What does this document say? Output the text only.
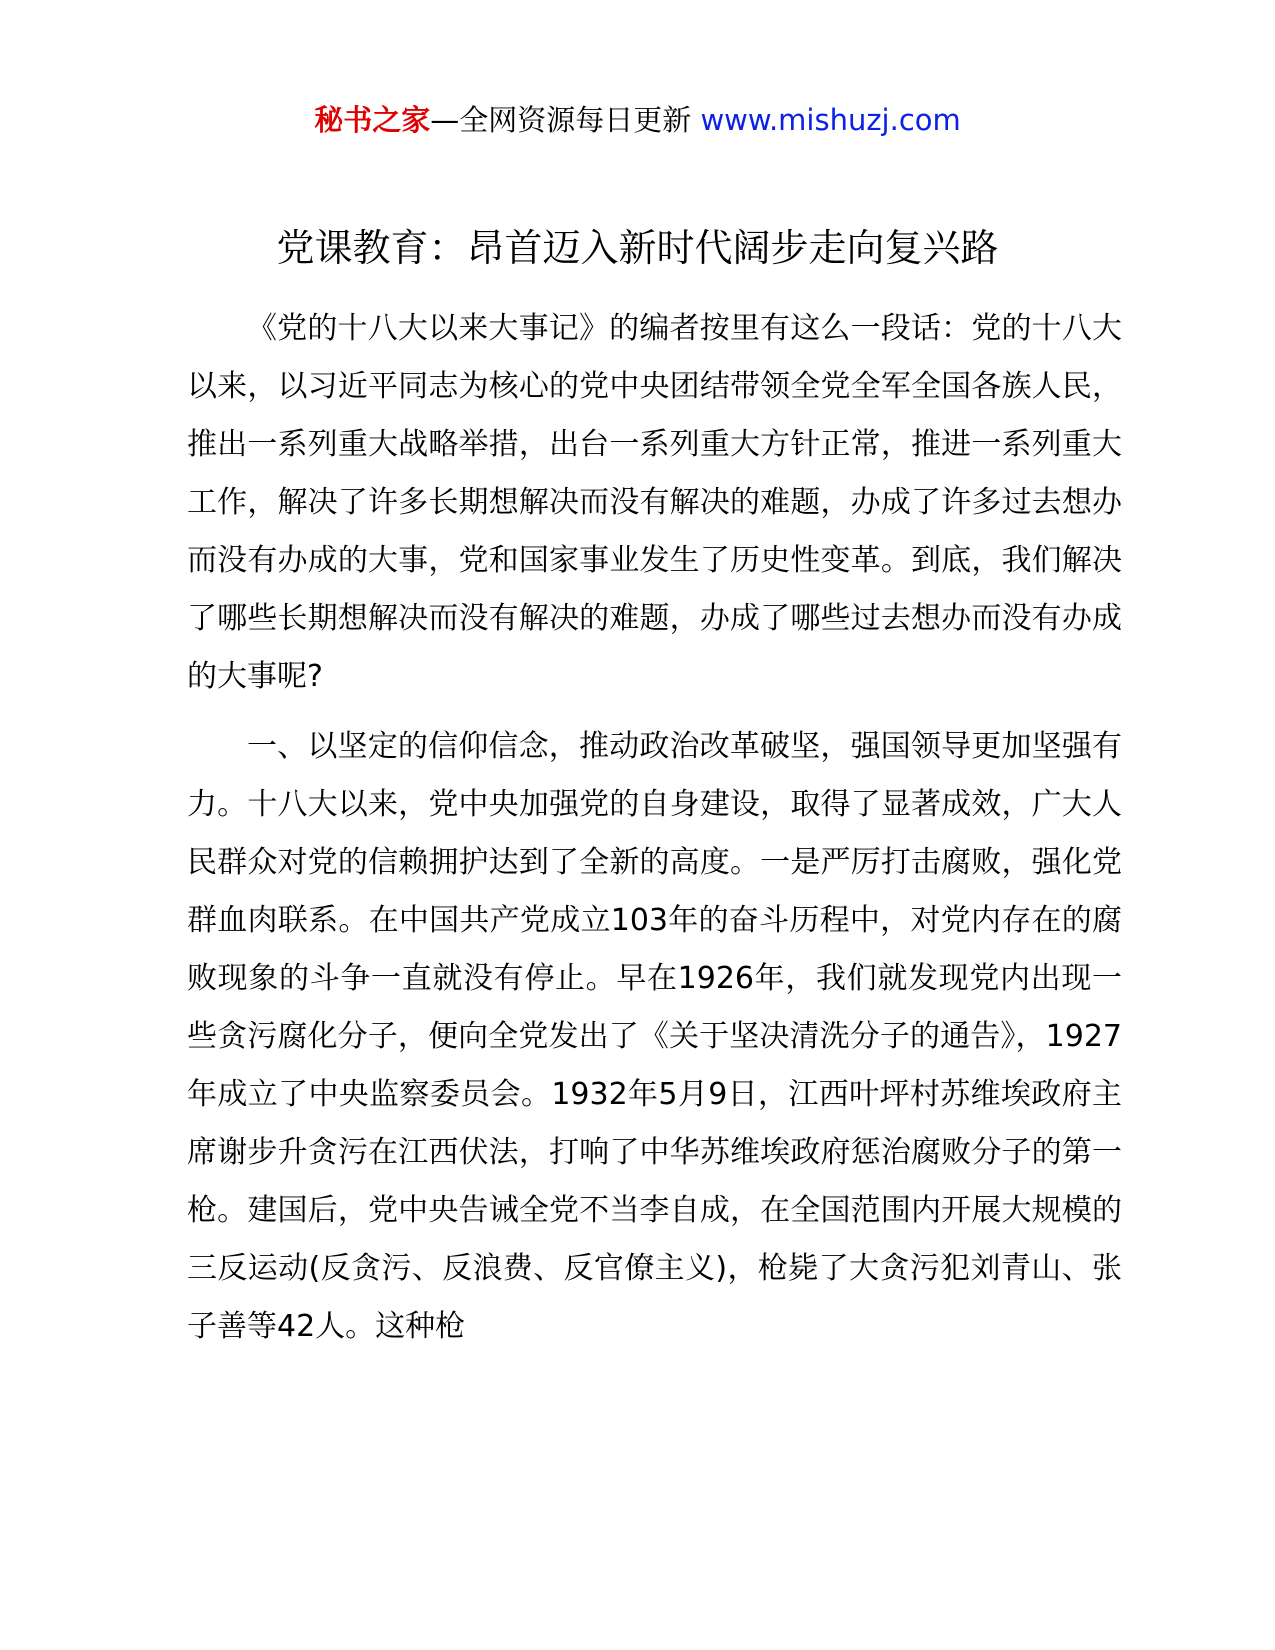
秘书之家—全网资源每日更新 www.mishuzj.com
党课教育：昂首迈入新时代阔步走向复兴路

《党的十八大以来大事记》的编者按里有这么一段话：党的十八大以来，以习近平同志为核心的党中央团结带领全党全军全国各族人民，推出一系列重大战略举措，出台一系列重大方针正常，推进一系列重大工作，解决了许多长期想解决而没有解决的难题，办成了许多过去想办而没有办成的大事，党和国家事业发生了历史性变革。到底，我们解决了哪些长期想解决而没有解决的难题，办成了哪些过去想办而没有办成的大事呢?

一、以坚定的信仰信念，推动政治改革破坚，强国领导更加坚强有力。十八大以来，党中央加强党的自身建设，取得了显著成效，广大人民群众对党的信赖拥护达到了全新的高度。一是严厉打击腐败，强化党群血肉联系。在中国共产党成立103年的奋斗历程中，对党内存在的腐败现象的斗争一直就没有停止。早在1926年，我们就发现党内出现一些贪污腐化分子，便向全党发出了《关于坚决清洗分子的通告》，1927年成立了中央监察委员会。1932年5月9日，江西叶坪村苏维埃政府主席谢步升贪污在江西伏法，打响了中华苏维埃政府惩治腐败分子的第一枪。建国后，党中央告诫全党不当李自成，在全国范围内开展大规模的三反运动(反贪污、反浪费、反官僚主义)，枪毙了大贪污犯刘青山、张子善等42人。这种枪
